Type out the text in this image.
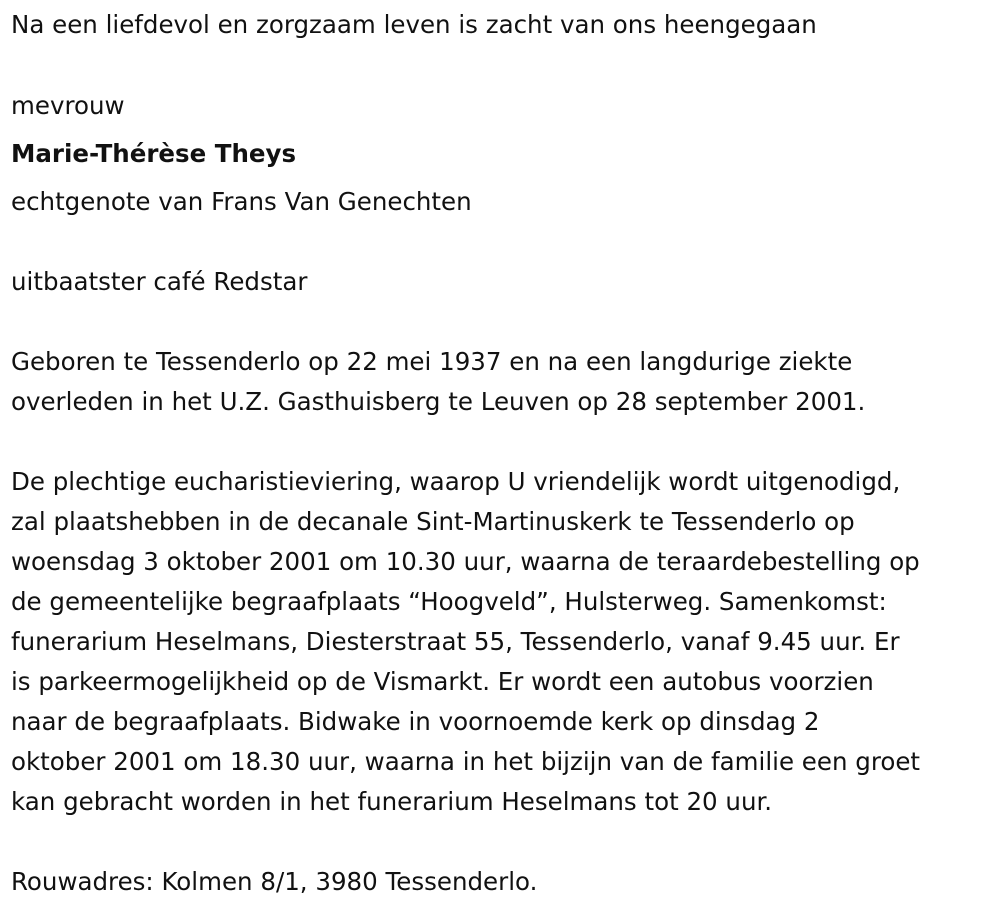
Na een liefdevol en zorgzaam leven is zacht van ons heengegaan
mevrouw
Marie-Thérèse Theys
echtgenote van Frans Van Genechten
uitbaatster café Redstar
Geboren te Tessenderlo op 22 mei 1937 en na een langdurige ziekte
overleden in het U.Z. Gasthuisberg te Leuven op 28 september 2001.
De plechtige eucharistieviering, waarop U vriendelijk wordt uitgenodigd,
zal plaatshebben in de decanale Sint-Martinuskerk te Tessenderlo op
woensdag 3 oktober 2001 om 10.30 uur, waarna de teraardebestelling op
de gemeentelijke begraafplaats “Hoogveld”, Hulsterweg. Samenkomst:
funerarium Heselmans, Diesterstraat 55, Tessenderlo, vanaf 9.45 uur. Er
is parkeermogelijkheid op de Vismarkt. Er wordt een autobus voorzien
naar de begraafplaats. Bidwake in voornoemde kerk op dinsdag 2
oktober 2001 om 18.30 uur, waarna in het bijzijn van de familie een groet
kan gebracht worden in het funerarium Heselmans tot 20 uur.
Rouwadres: Kolmen 8/1, 3980 Tessenderlo.
